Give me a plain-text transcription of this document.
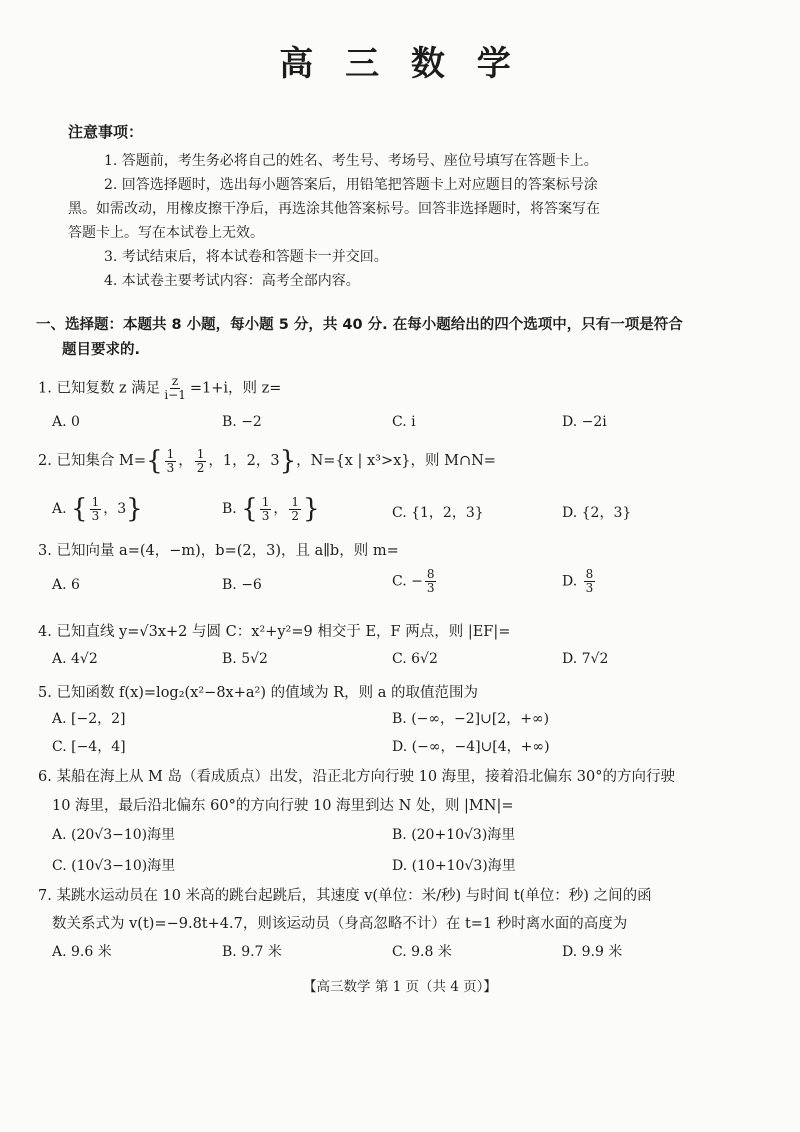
高 三 数 学
注意事项：
1. 答题前，考生务必将自己的姓名、考生号、考场号、座位号填写在答题卡上。
2. 回答选择题时，选出每小题答案后，用铅笔把答题卡上对应题目的答案标号涂
黑。如需改动，用橡皮擦干净后，再选涂其他答案标号。回答非选择题时，将答案写在
答题卡上。写在本试卷上无效。
3. 考试结束后，将本试卷和答题卡一并交回。
4. 本试卷主要考试内容：高考全部内容。
一、选择题：本题共 8 小题，每小题 5 分，共 40 分. 在每小题给出的四个选项中，只有一项是符合
题目要求的.
1. 已知复数 z 满足 $\frac{z}{i-1} =1+i$，则 z=
A. 0	B. −2	C. i	D. −2i
2. 已知集合 $M=\{ \frac{1}{3}$ ， $\frac{1}{2}$ ，1，2，3}，N={x | x³>x}，则 M∩N=
A. { $\frac{1}{3}$ ，3}	B. { $\frac{1}{3}$ ， $\frac{1}{2}$ }	C. {1，2，3}	D. {2，3}
3. 已知向量 a=(4，−m)，b=(2，3)，且 a∥b，则 m=
A. 6	B. −6	C. − $\frac{8}{3}$	D. $\frac{8}{3}$
4. 已知直线 y=√3x+2 与圆 C：x²+y²=9 相交于 E，F 两点，则 |EF|=
A. 4√2	B. 5√2	C. 6√2	D. 7√2
5. 已知函数 f(x)=log₂(x²−8x+a²) 的值域为 R，则 a 的取值范围为
A. [−2，2]	B. (−∞，−2]∪[2，+∞)
C. [−4，4]	D. (−∞，−4]∪[4，+∞)
6. 某船在海上从 M 岛（看成质点）出发，沿正北方向行驶 10 海里，接着沿北偏东 30°的方向行驶
10 海里，最后沿北偏东 60°的方向行驶 10 海里到达 N 处，则 |MN|=
A. (20√3−10)海里	B. (20+10√3)海里
C. (10√3−10)海里	D. (10+10√3)海里
7. 某跳水运动员在 10 米高的跳台起跳后，其速度 v(单位：米/秒) 与时间 t(单位：秒) 之间的函
数关系式为 v(t)=−9.8t+4.7，则该运动员（身高忽略不计）在 t=1 秒时离水面的高度为
A. 9.6 米	B. 9.7 米	C. 9.8 米	D. 9.9 米
【高三数学 第 1 页（共 4 页）】
